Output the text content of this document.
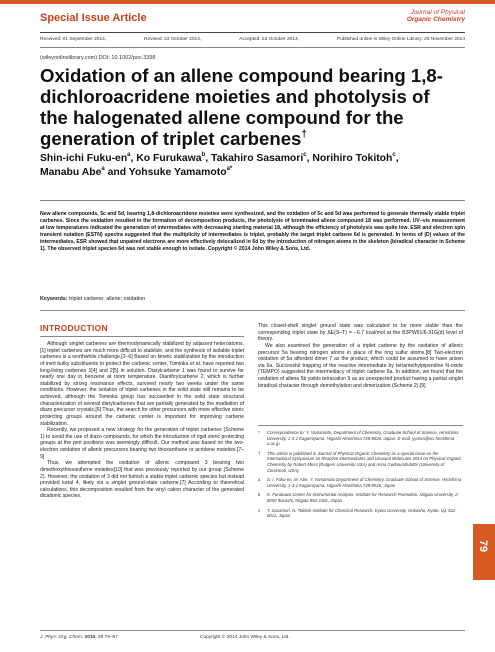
Special Issue Article	Journal of Physical
Organic Chemistry
Received: 01 September 2014,	Revised: 22 October 2014,	Accepted: 22 October 2014,	Published online in Wiley Online Library: 28 November 2014
(wileyonlinelibrary.com) DOI: 10.1002/poc.3398
Oxidation of an allene compound bearing 1,8-dichloroacridene moieties and photolysis of the halogenated allene compound for the generation of triplet carbenes†
Shin-ichi Fuku-$en^a$, Ko Furukawa$^b$, Takahiro Sasamori$^c$, Norihiro Tokitoh$^c$,
Manabu Abe$^a$ and Yohsuke Yamamoto$^{a*}$

New allene compounds, 5c and 5d, bearing 1,8-dichloroacridene moieties were synthesized, and the oxidation of 5c and 5d was performed to generate thermally stable triplet carbenes. Since the oxidation resulted in the formation of decomposition products, the photolysis of brominated allene compound 18 was performed. UV–vis measurement at low temperatures indicated the generation of intermediates with decreasing starting material 18, although the efficiency of photolysis was quite low. ESR and electron spin transient nutation (ESTN) spectra suggested that the multiplicity of intermediates is triplet, probably the target triplet carbene 6d is generated. In terms of |D| values of the intermediates, ESR showed that unpaired electrons are more effectively delocalized in 6d by the introduction of nitrogen atoms in the skeleton (biradical character in Scheme 1). The observed triplet species 6d was not stable enough to isolate. Copyright © 2014 John Wiley & Sons, Ltd.

Keywords: triplet carbene; allene; oxidation
INTRODUCTION

Although singlet carbenes are thermodynamically stabilized by adjacent heteroatoms,[1] triplet carbenes are much more difficult to stabilize, and the synthesis of isolable triplet carbenes is a worthwhile challenge.[2–6] Based on kinetic stabilization by the introduction of inert bulky substituents to protect the carbenic center, Tomioka et al. have reported two long-living carbenes 1[4] and 2[5] in solution. Diarylcarbene 1 was found to survive for nearly one day in benzene at room temperature. Dianthrylcarbene 2, which is further stabilized by strong resonance effects, survived nearly two weeks under the same conditions. However, the isolation of triplet carbenes in the solid state still remains to be achieved, although the Tomioka group has succeeded in the solid state structural characterization of several diarylcarbenes that are partially generated by the irradiation of diazo precursor crystals.[6] Thus, the search for other precursors with more effective steric protecting groups around the carbenic center is important for improving carbene stabilization.

Recently, we proposed a new strategy for the generation of triplet carbenes (Scheme 1) to avoid the use of diazo compounds, for which the introduction of rigid steric protecting groups at the peri positions was seemingly difficult. Our method was based on the two-electron oxidation of allenic precursors bearing two thioxanthene or acridene moieties.[7–9]

Thus, we attempted the oxidation of allenic compound 3 bearing two dimethoxythioxanthene moieties[10] that was previously reported by our group (Scheme 2). However, the oxidation of 3 did not furnish a stable triplet carbenic species but instead provided ketal 4, likely via a singlet ground-state carbene.[7] According to theoretical calculations, this decomposition resulted from the vinyl cation character of the generated dicationic species.

This closed-shell singlet ground state was calculated to be more stable than the corresponding triplet state by ΔE(S–T) = −6.7 kcal/mol at the B3PW91/6-31G(d) level of theory.

We also examined the generation of a triplet carbene by the oxidation of allenic precursor 5a bearing nitrogen atoms in place of the ring sulfur atoms.[8] Two-electron oxidation of 5a afforded dimer 7 as the product, which could be assumed to have arisen via 6a. Successful trapping of the reactive intermediate by tetramethylpiperidine N-oxide (TEMPO) suggested the intermediacy of triplet carbene 6a. In addition, we found that the oxidation of allene 5b yields tetracation 9 as an unexpected product having a partial singlet biradical character through demethylation and dimerization (Scheme 2).[9]

* Correspondence to: Y. Yamamoto, Department of Chemistry, Graduate School of Science, Hiroshima University, 1-3-1 Kagamiyama, Higashi-Hiroshima 739-8526, Japan. E-mail: yyama@sci.hiroshima-u.ac.jp
† This article is published in Journal of Physical Organic Chemistry as a special issue on the International Symposium on Reactive Intermediates and Unusual Molecules 2014 on Physical Organic Chemistry by Robert Moss (Rutgers University USA) and Anna Gudmundsdottir (University of Cincinnati, USA).
a S.-i. Fuku-en, M. Abe, Y. Yamamoto Department of Chemistry, Graduate School of Science, Hiroshima University, 1-3-1 Kagamiyama, Higashi-Hiroshima 739-8526, Japan
b K. Furukawa Center for Instrumental Analysis, Institute for Research Promotion, Niigata University, 2-8050 Ikarashi, Niigata 950-2181, Japan
c T. Sasamori, N. Tokitoh Institute for Chemical Research, Kyoto University, Gokasho, Kyoto, Uji, 611-0011, Japan
J. Phys. Org. Chem. 2015, 28 79–87	Copyright © 2014 John Wiley & Sons, Ltd.
79
